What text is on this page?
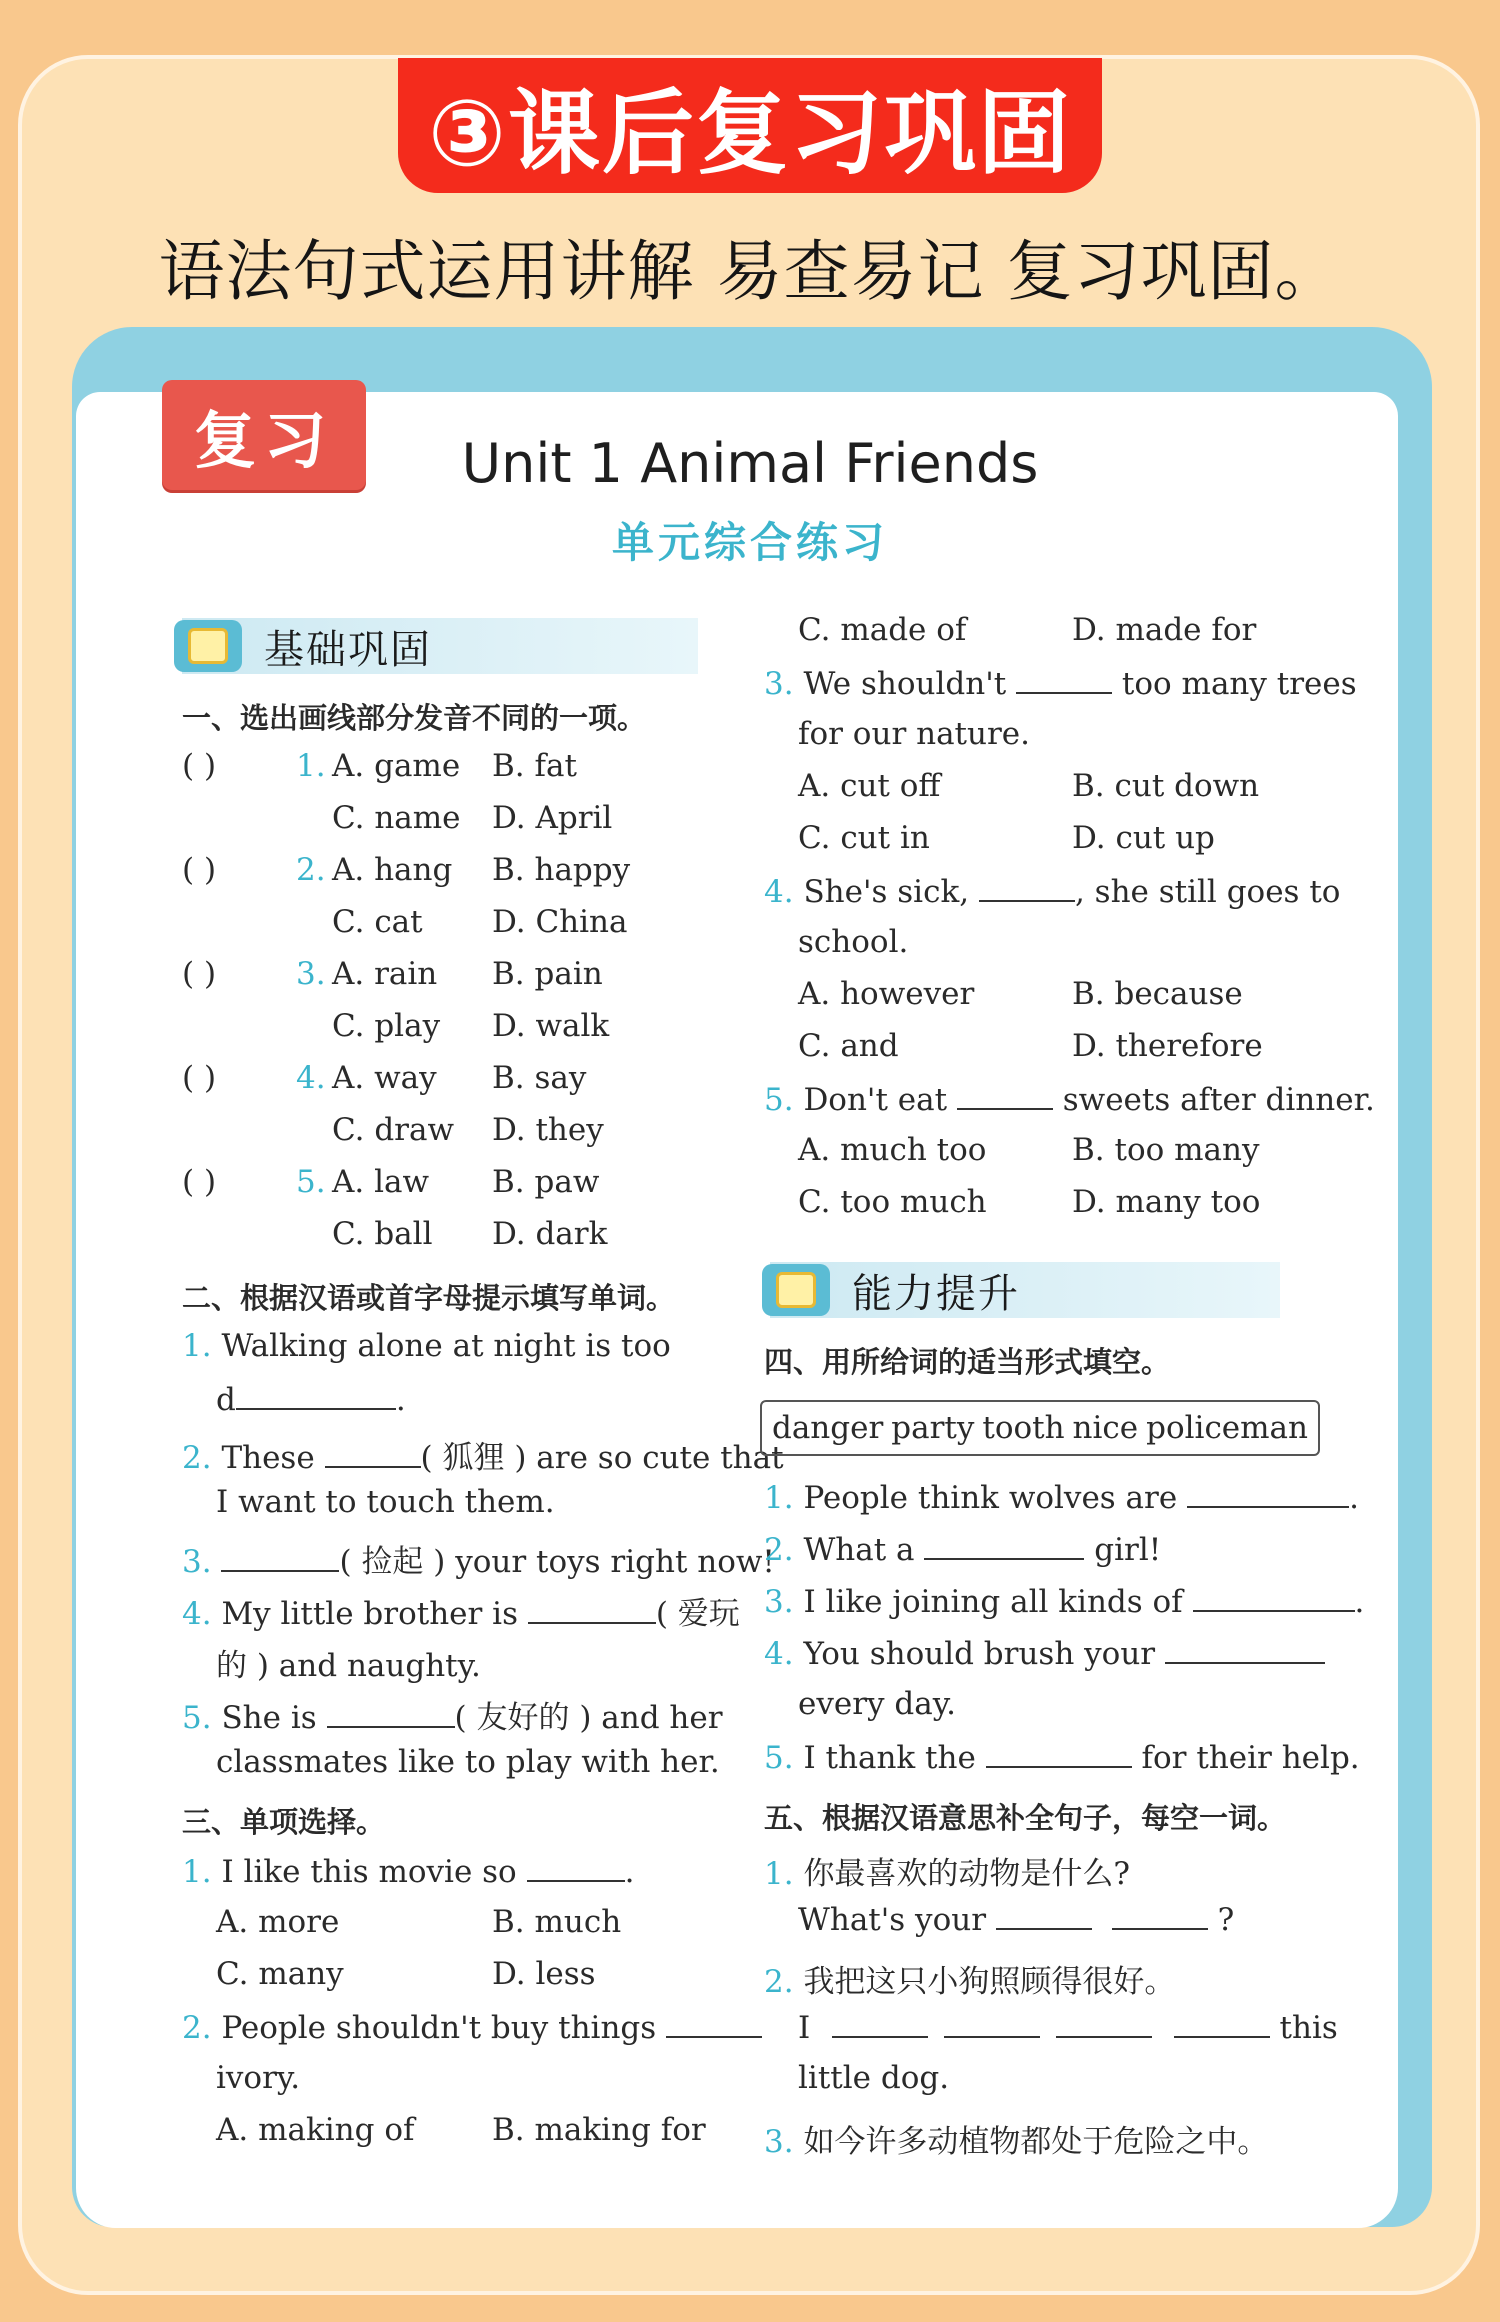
③课后复习巩固
语法句式运用讲解 易查易记 复习巩固。
复习	Unit 1 Animal Friends
单元综合练习
基础巩固
能力提升
一、选出画线部分发音不同的一项。
( )	1. A. game B. fat
C. name D. April
( )	2. A. hang B. happy
C. cat D. China
( )	3. A. rain B. pain
C. play D. walk
( )	4. A. way B. say
C. draw D. they
( )	5. A. law B. paw
C. ball D. dark
二、根据汉语或首字母提示填写单词。
1. Walking alone at night is too
d	.
2. These	( 狐狸 ) are so cute that
I want to touch them.
3.	( 捡起 ) your toys right now!
4. My little brother is	( 爱玩
的 ) and naughty.
5. She is	( 友好的 ) and her
classmates like to play with her.
三、单项选择。
1. I like this movie so	.
A. more	B. much
C. many	D. less
2. People shouldn't buy things
ivory.
A. making of	B. making for
C. made of	D. made for
3. We shouldn't	too many trees
for our nature.
A. cut off	B. cut down
C. cut in	D. cut up
4. She's sick,	, she still goes to
school.
A. however	B. because
C. and	D. therefore
5. Don't eat	sweets after dinner.
A. much too	B. too many
C. too much	D. many too
四、用所给词的适当形式填空。
danger party tooth nice policeman
1. People think wolves are	.
2. What a	girl!
3. I like joining all kinds of	.
4. You should brush your
every day.
5. I thank the	for their help.
五、根据汉语意思补全句子，每空一词。
1. 你最喜欢的动物是什么?
What's your	?
2. 我把这只小狗照顾得很好。
I	this
little dog.
3. 如今许多动植物都处于危险之中。
